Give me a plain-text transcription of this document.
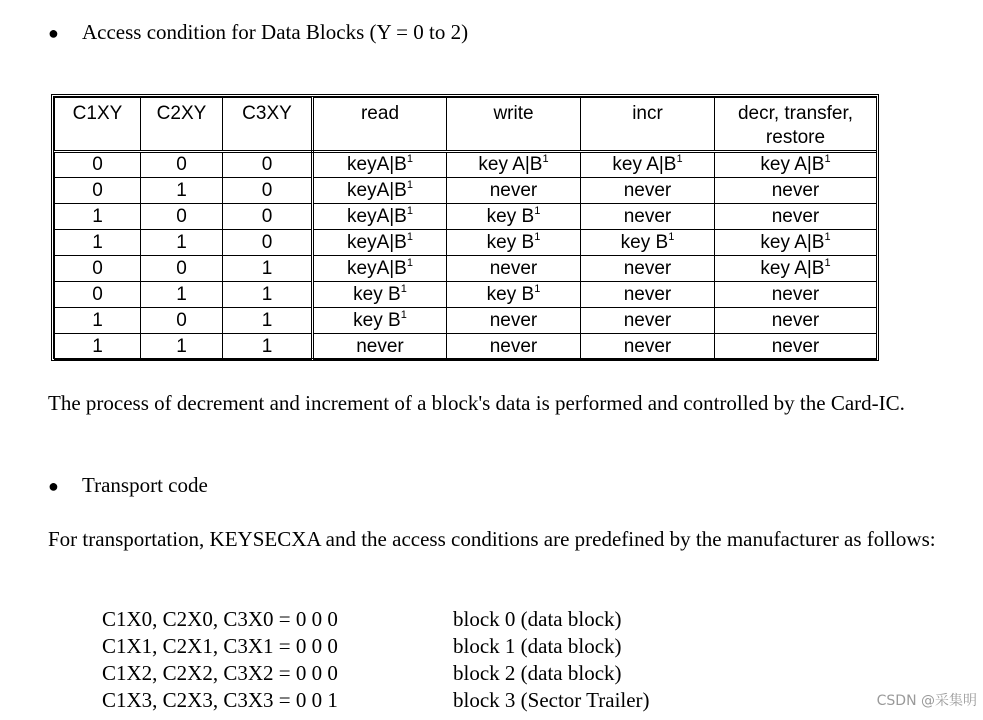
●	Access condition for Data Blocks (Y = 0 to 2)
C1XY	C2XY	C3XY	read	write	incr	decr, transfer, restore
0	0	0	$keyA|B^1$	key $A|B^1$	key $A|B^1$	key $A|B^1$
0	1	0	$keyA|B^1$	never	never	never
1	0	0	$keyA|B^1$	key $B^1$	never	never
1	1	0	$keyA|B^1$	key $B^1$	key $B^1$	key $A|B^1$
0	0	1	$keyA|B^1$	never	never	key $A|B^1$
0	1	1	key $B^1$	key $B^1$	never	never
1	0	1	key $B^1$	never	never	never
1	1	1	never	never	never	never
The process of decrement and increment of a block's data is performed and controlled by the Card-IC.
●	Transport code
For transportation, KEYSECXA and the access conditions are predefined by the manufacturer as follows:
C1X0, C2X0, C3X0 = 0 0 0	block 0 (data block)
C1X1, C2X1, C3X1 = 0 0 0	block 1 (data block)
C1X2, C2X2, C3X2 = 0 0 0	block 2 (data block)
C1X3, C2X3, C3X3 = 0 0 1	block 3 (Sector Trailer)	CSDN @采集明
